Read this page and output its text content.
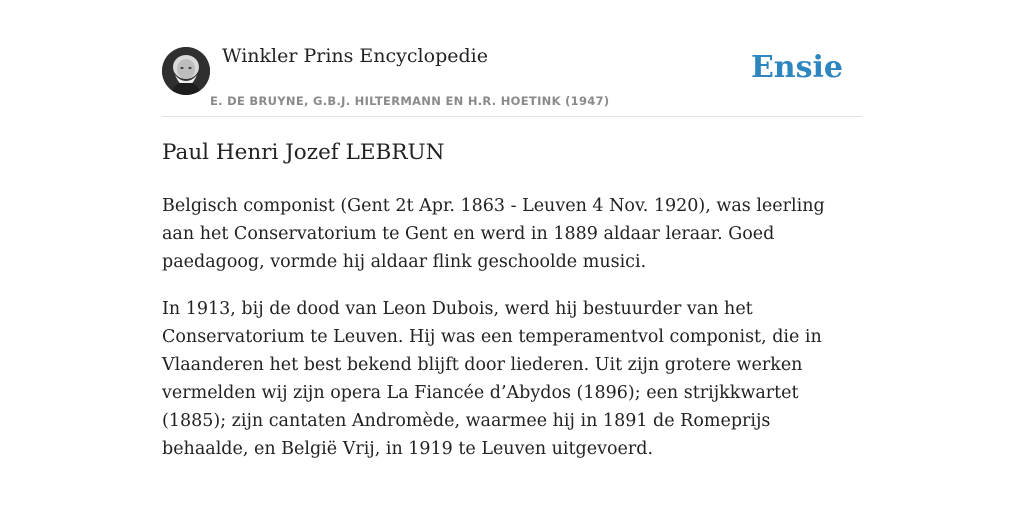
Winkler Prins Encyclopedie
E. DE BRUYNE, G.B.J. HILTERMANN EN H.R. HOETINK (1947)
Ensie
Paul Henri Jozef LEBRUN

Belgisch componist (Gent 2t Apr. 1863 - Leuven 4 Nov. 1920), was leerling aan het Conservatorium te Gent en werd in 1889 aldaar leraar. Goed paedagoog, vormde hij aldaar flink geschoolde musici.

In 1913, bij de dood van Leon Dubois, werd hij bestuurder van het Conservatorium te Leuven. Hij was een temperamentvol componist, die in Vlaanderen het best bekend blijft door liederen. Uit zijn grotere werken vermelden wij zijn opera La Fiancée d’Abydos (1896); een strijkkwartet (1885); zijn cantaten Andromède, waarmee hij in 1891 de Romeprijs behaalde, en België Vrij, in 1919 te Leuven uitgevoerd.
